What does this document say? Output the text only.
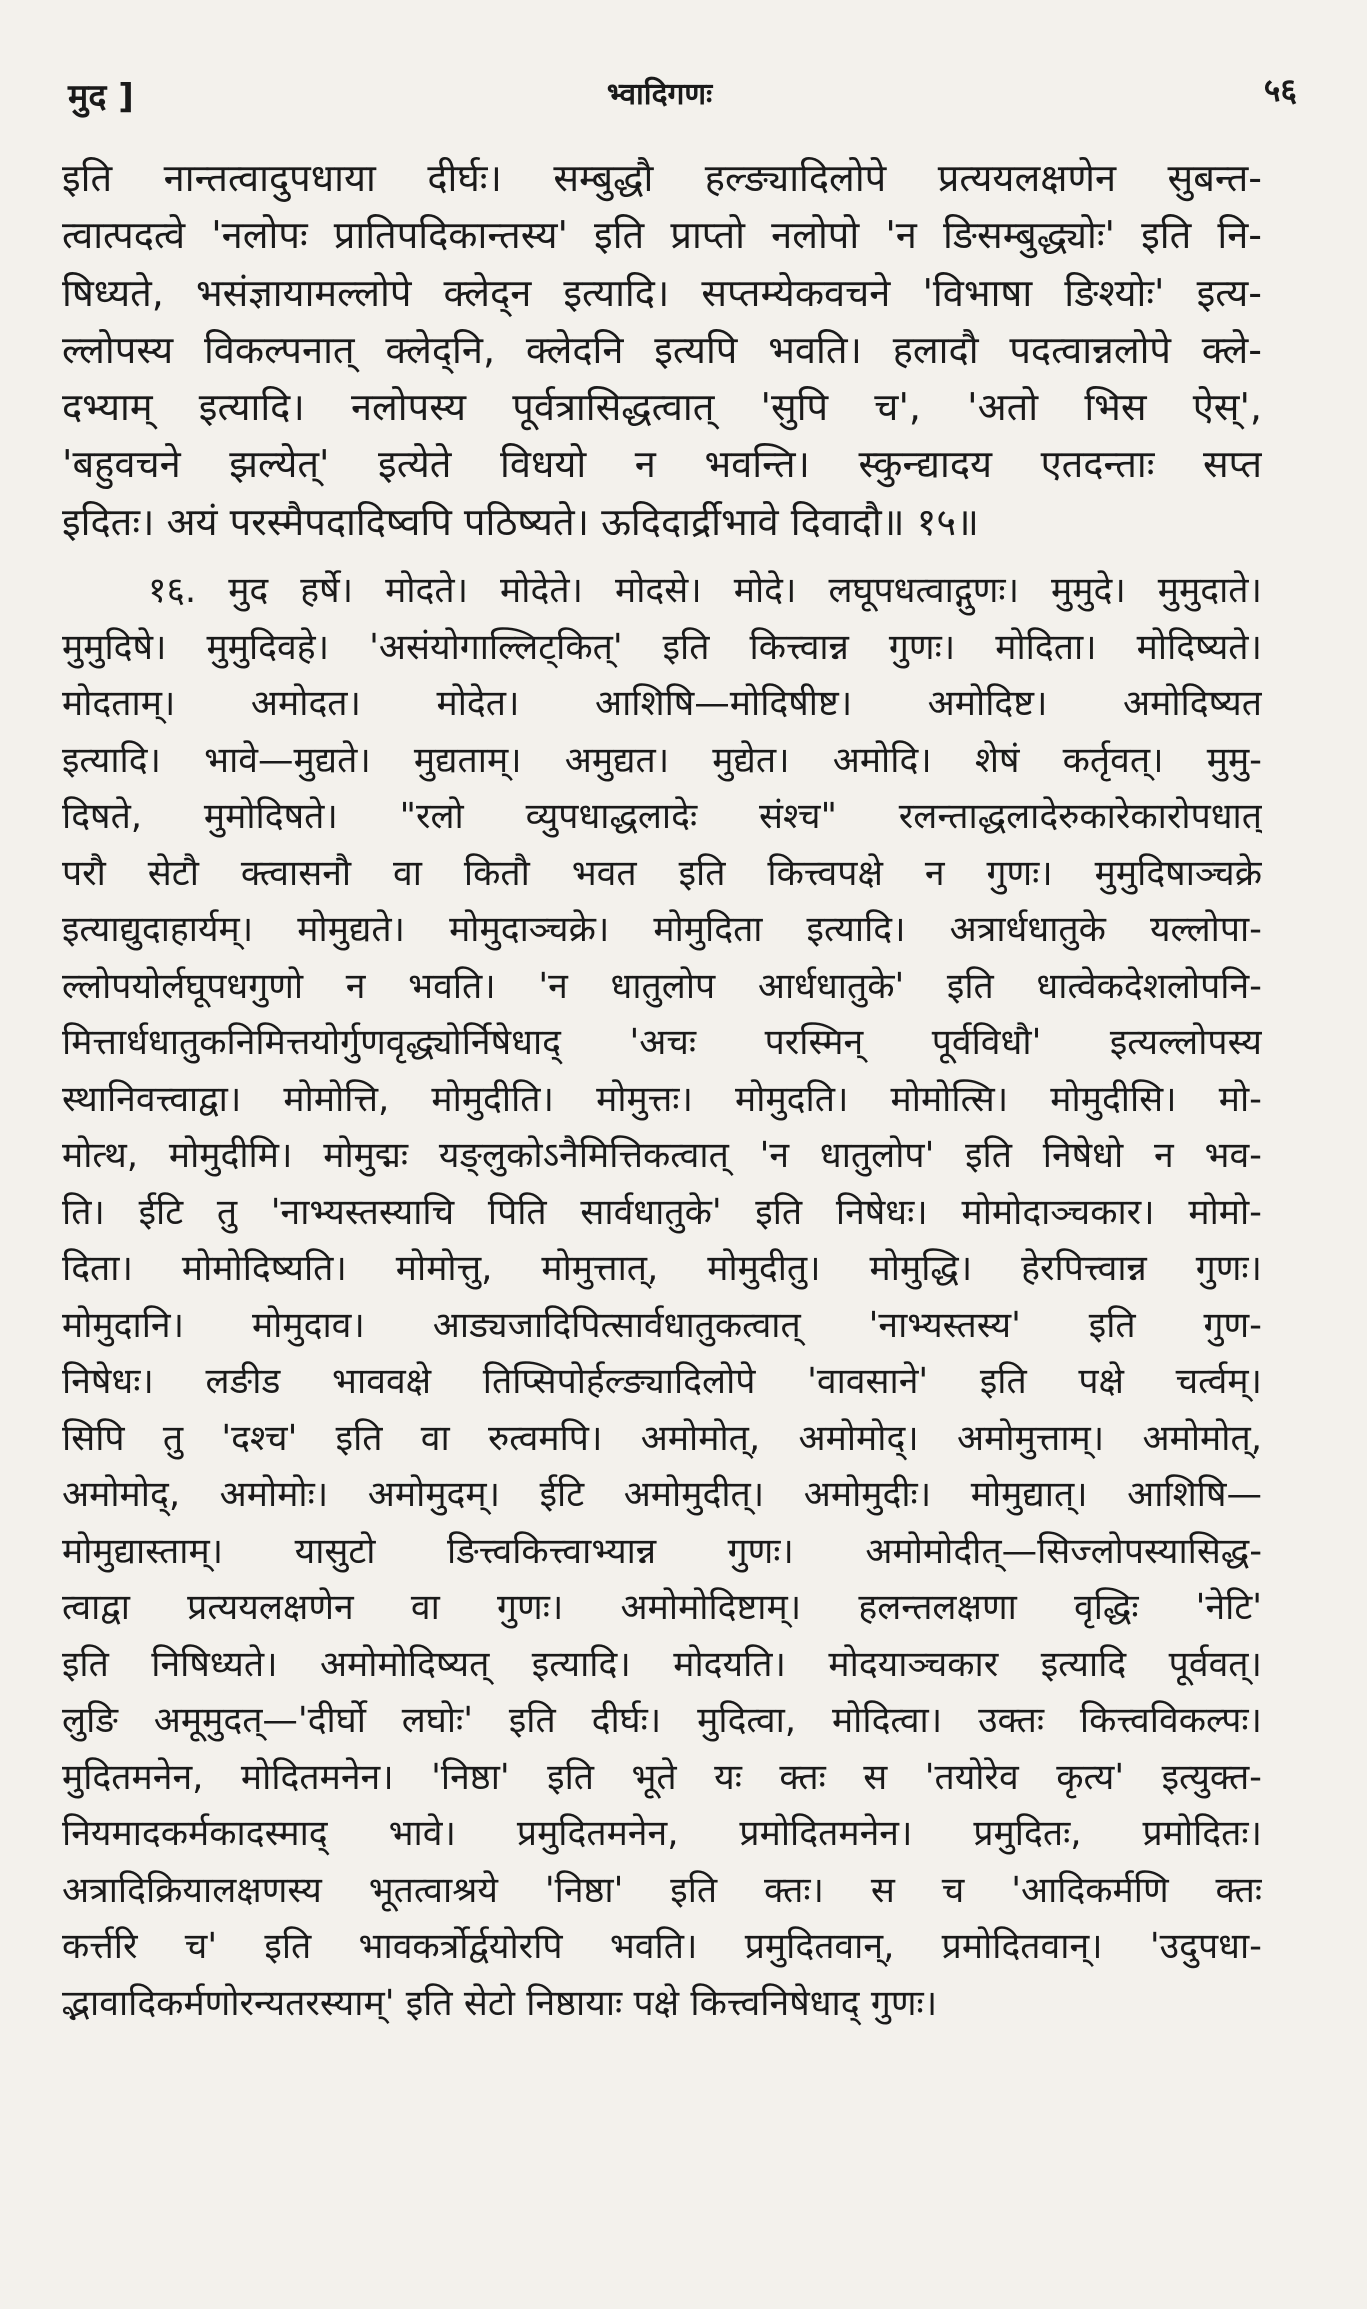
मुद ]	भ्वादिगणः	५६

इति नान्तत्वादुपधाया दीर्घः। सम्बुद्धौ हल्ङ्यादिलोपे प्रत्ययलक्षणेन सुबन्त-
त्वात्पदत्वे 'नलोपः प्रातिपदिकान्तस्य' इति प्राप्तो नलोपो 'न ङिसम्बुद्ध्योः' इति नि-
षिध्यते, भसंज्ञायामल्लोपे क्लेद्न इत्यादि। सप्तम्येकवचने 'विभाषा ङिश्योः' इत्य-
ल्लोपस्य विकल्पनात् क्लेद्नि, क्लेदनि इत्यपि भवति। हलादौ पदत्वान्नलोपे क्ले-
दभ्याम् इत्यादि। नलोपस्य पूर्वत्रासिद्धत्वात् 'सुपि च', 'अतो भिस ऐस्',
'बहुवचने झल्येत्' इत्येते विधयो न भवन्ति। स्कुन्द्यादय एतदन्ताः सप्त
इदितः। अयं परस्मैपदादिष्वपि पठिष्यते। ऊदिदार्द्रीभावे दिवादौ॥ १५॥

१६. मुद हर्षे। मोदते। मोदेते। मोदसे। मोदे। लघूपधत्वाद्गुणः। मुमुदे। मुमुदाते।
मुमुदिषे। मुमुदिवहे। 'असंयोगाल्लिट्कित्' इति कित्त्वान्न गुणः। मोदिता। मोदिष्यते।
मोदताम्। अमोदत। मोदेत। आशिषि—मोदिषीष्ट। अमोदिष्ट। अमोदिष्यत
इत्यादि। भावे—मुद्यते। मुद्यताम्। अमुद्यत। मुद्येत। अमोदि। शेषं कर्तृवत्। मुमु-
दिषते, मुमोदिषते। "रलो व्युपधाद्धलादेः संश्च" रलन्ताद्धलादेरुकारेकारोपधात्
परौ सेटौ क्त्वासनौ वा कितौ भवत इति कित्त्वपक्षे न गुणः। मुमुदिषाञ्चक्रे
इत्याद्युदाहार्यम्। मोमुद्यते। मोमुदाञ्चक्रे। मोमुदिता इत्यादि। अत्रार्धधातुके यल्लोपा-
ल्लोपयोर्लघूपधगुणो न भवति। 'न धातुलोप आर्धधातुके' इति धात्वेकदेशलोपनि-
मित्तार्धधातुकनिमित्तयोर्गुणवृद्ध्योर्निषेधाद् 'अचः परस्मिन् पूर्वविधौ' इत्यल्लोपस्य
स्थानिवत्त्वाद्वा। मोमोत्ति, मोमुदीति। मोमुत्तः। मोमुदति। मोमोत्सि। मोमुदीसि। मो-
मोत्थ, मोमुदीमि। मोमुद्मः यङ्लुकोऽनैमित्तिकत्वात् 'न धातुलोप' इति निषेधो न भव-
ति। ईटि तु 'नाभ्यस्तस्याचि पिति सार्वधातुके' इति निषेधः। मोमोदाञ्चकार। मोमो-
दिता। मोमोदिष्यति। मोमोत्तु, मोमुत्तात्, मोमुदीतु। मोमुद्धि। हेरपित्त्वान्न गुणः।
मोमुदानि। मोमुदाव। आड्यजादिपित्सार्वधातुकत्वात् 'नाभ्यस्तस्य' इति गुण-
निषेधः। लङीड भाववक्षे तिप्सिपोर्हल्ङ्यादिलोपे 'वावसाने' इति पक्षे चर्त्वम्।
सिपि तु 'दश्च' इति वा रुत्वमपि। अमोमोत्, अमोमोद्। अमोमुत्ताम्। अमोमोत्,
अमोमोद्, अमोमोः। अमोमुदम्। ईटि अमोमुदीत्। अमोमुदीः। मोमुद्यात्। आशिषि—
मोमुद्यास्ताम्। यासुटो ङित्त्वकित्त्वाभ्यान्न गुणः। अमोमोदीत्—सिज्लोपस्यासिद्ध-
त्वाद्वा प्रत्ययलक्षणेन वा गुणः। अमोमोदिष्टाम्। हलन्तलक्षणा वृद्धिः 'नेटि'
इति निषिध्यते। अमोमोदिष्यत् इत्यादि। मोदयति। मोदयाञ्चकार इत्यादि पूर्ववत्।
लुङि अमूमुदत्—'दीर्घो लघोः' इति दीर्घः। मुदित्वा, मोदित्वा। उक्तः कित्त्वविकल्पः।
मुदितमनेन, मोदितमनेन। 'निष्ठा' इति भूते यः क्तः स 'तयोरेव कृत्य' इत्युक्त-
नियमादकर्मकादस्माद् भावे। प्रमुदितमनेन, प्रमोदितमनेन। प्रमुदितः, प्रमोदितः।
अत्रादिक्रियालक्षणस्य भूतत्वाश्रये 'निष्ठा' इति क्तः। स च 'आदिकर्मणि क्तः
कर्त्तरि च' इति भावकर्त्रोर्द्वयोरपि भवति। प्रमुदितवान्, प्रमोदितवान्। 'उदुपधा-
द्भावादिकर्मणोरन्यतरस्याम्' इति सेटो निष्ठायाः पक्षे कित्त्वनिषेधाद् गुणः।
